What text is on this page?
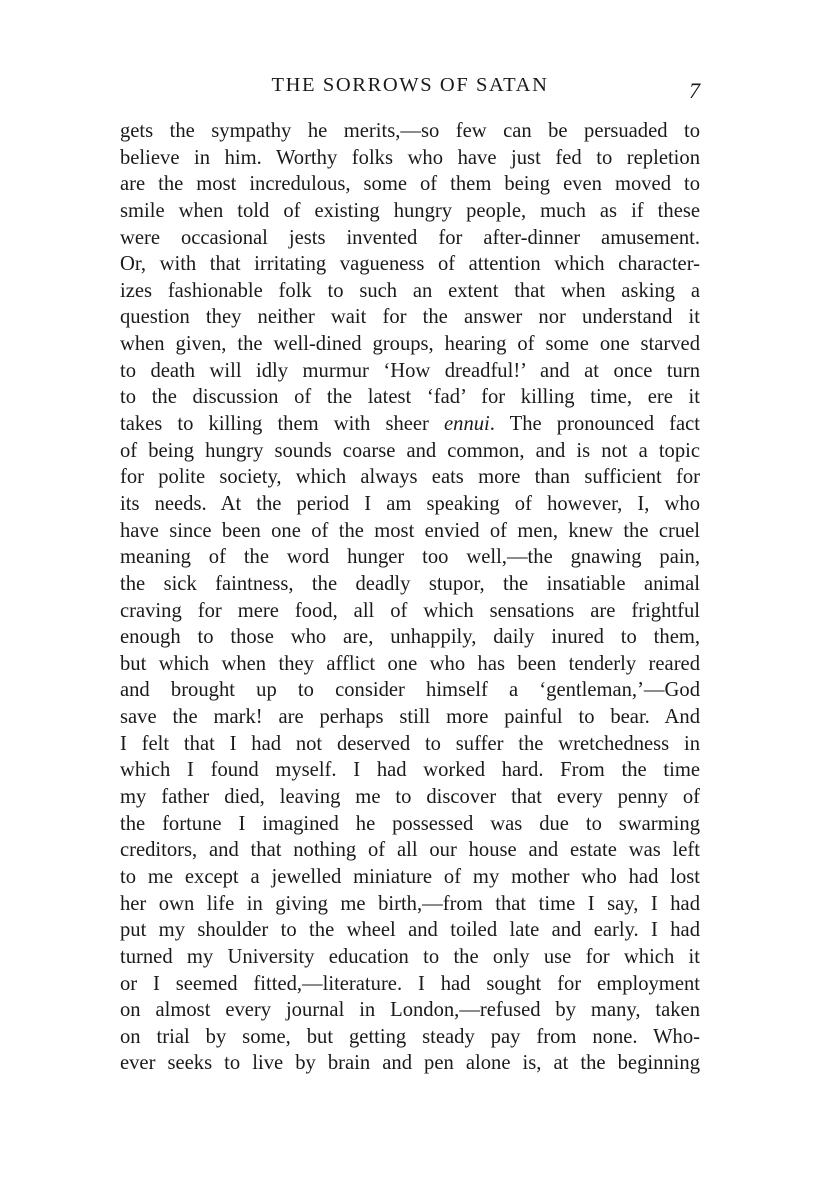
THE SORROWS OF SATAN	7
gets the sympathy he merits,—so few can be persuaded to
believe in him. Worthy folks who have just fed to repletion
are the most incredulous, some of them being even moved to
smile when told of existing hungry people, much as if these
were occasional jests invented for after-dinner amusement.
Or, with that irritating vagueness of attention which character-
izes fashionable folk to such an extent that when asking a
question they neither wait for the answer nor understand it
when given, the well-dined groups, hearing of some one starved
to death will idly murmur ‘How dreadful!’ and at once turn
to the discussion of the latest ‘fad’ for killing time, ere it
takes to killing them with sheer ennui. The pronounced fact
of being hungry sounds coarse and common, and is not a topic
for polite society, which always eats more than sufficient for
its needs. At the period I am speaking of however, I, who
have since been one of the most envied of men, knew the cruel
meaning of the word hunger too well,—the gnawing pain,
the sick faintness, the deadly stupor, the insatiable animal
craving for mere food, all of which sensations are frightful
enough to those who are, unhappily, daily inured to them,
but which when they afflict one who has been tenderly reared
and brought up to consider himself a ‘gentleman,’—God
save the mark! are perhaps still more painful to bear. And
I felt that I had not deserved to suffer the wretchedness in
which I found myself. I had worked hard. From the time
my father died, leaving me to discover that every penny of
the fortune I imagined he possessed was due to swarming
creditors, and that nothing of all our house and estate was left
to me except a jewelled miniature of my mother who had lost
her own life in giving me birth,—from that time I say, I had
put my shoulder to the wheel and toiled late and early. I had
turned my University education to the only use for which it
or I seemed fitted,—literature. I had sought for employment
on almost every journal in London,—refused by many, taken
on trial by some, but getting steady pay from none. Who-
ever seeks to live by brain and pen alone is, at the beginning
